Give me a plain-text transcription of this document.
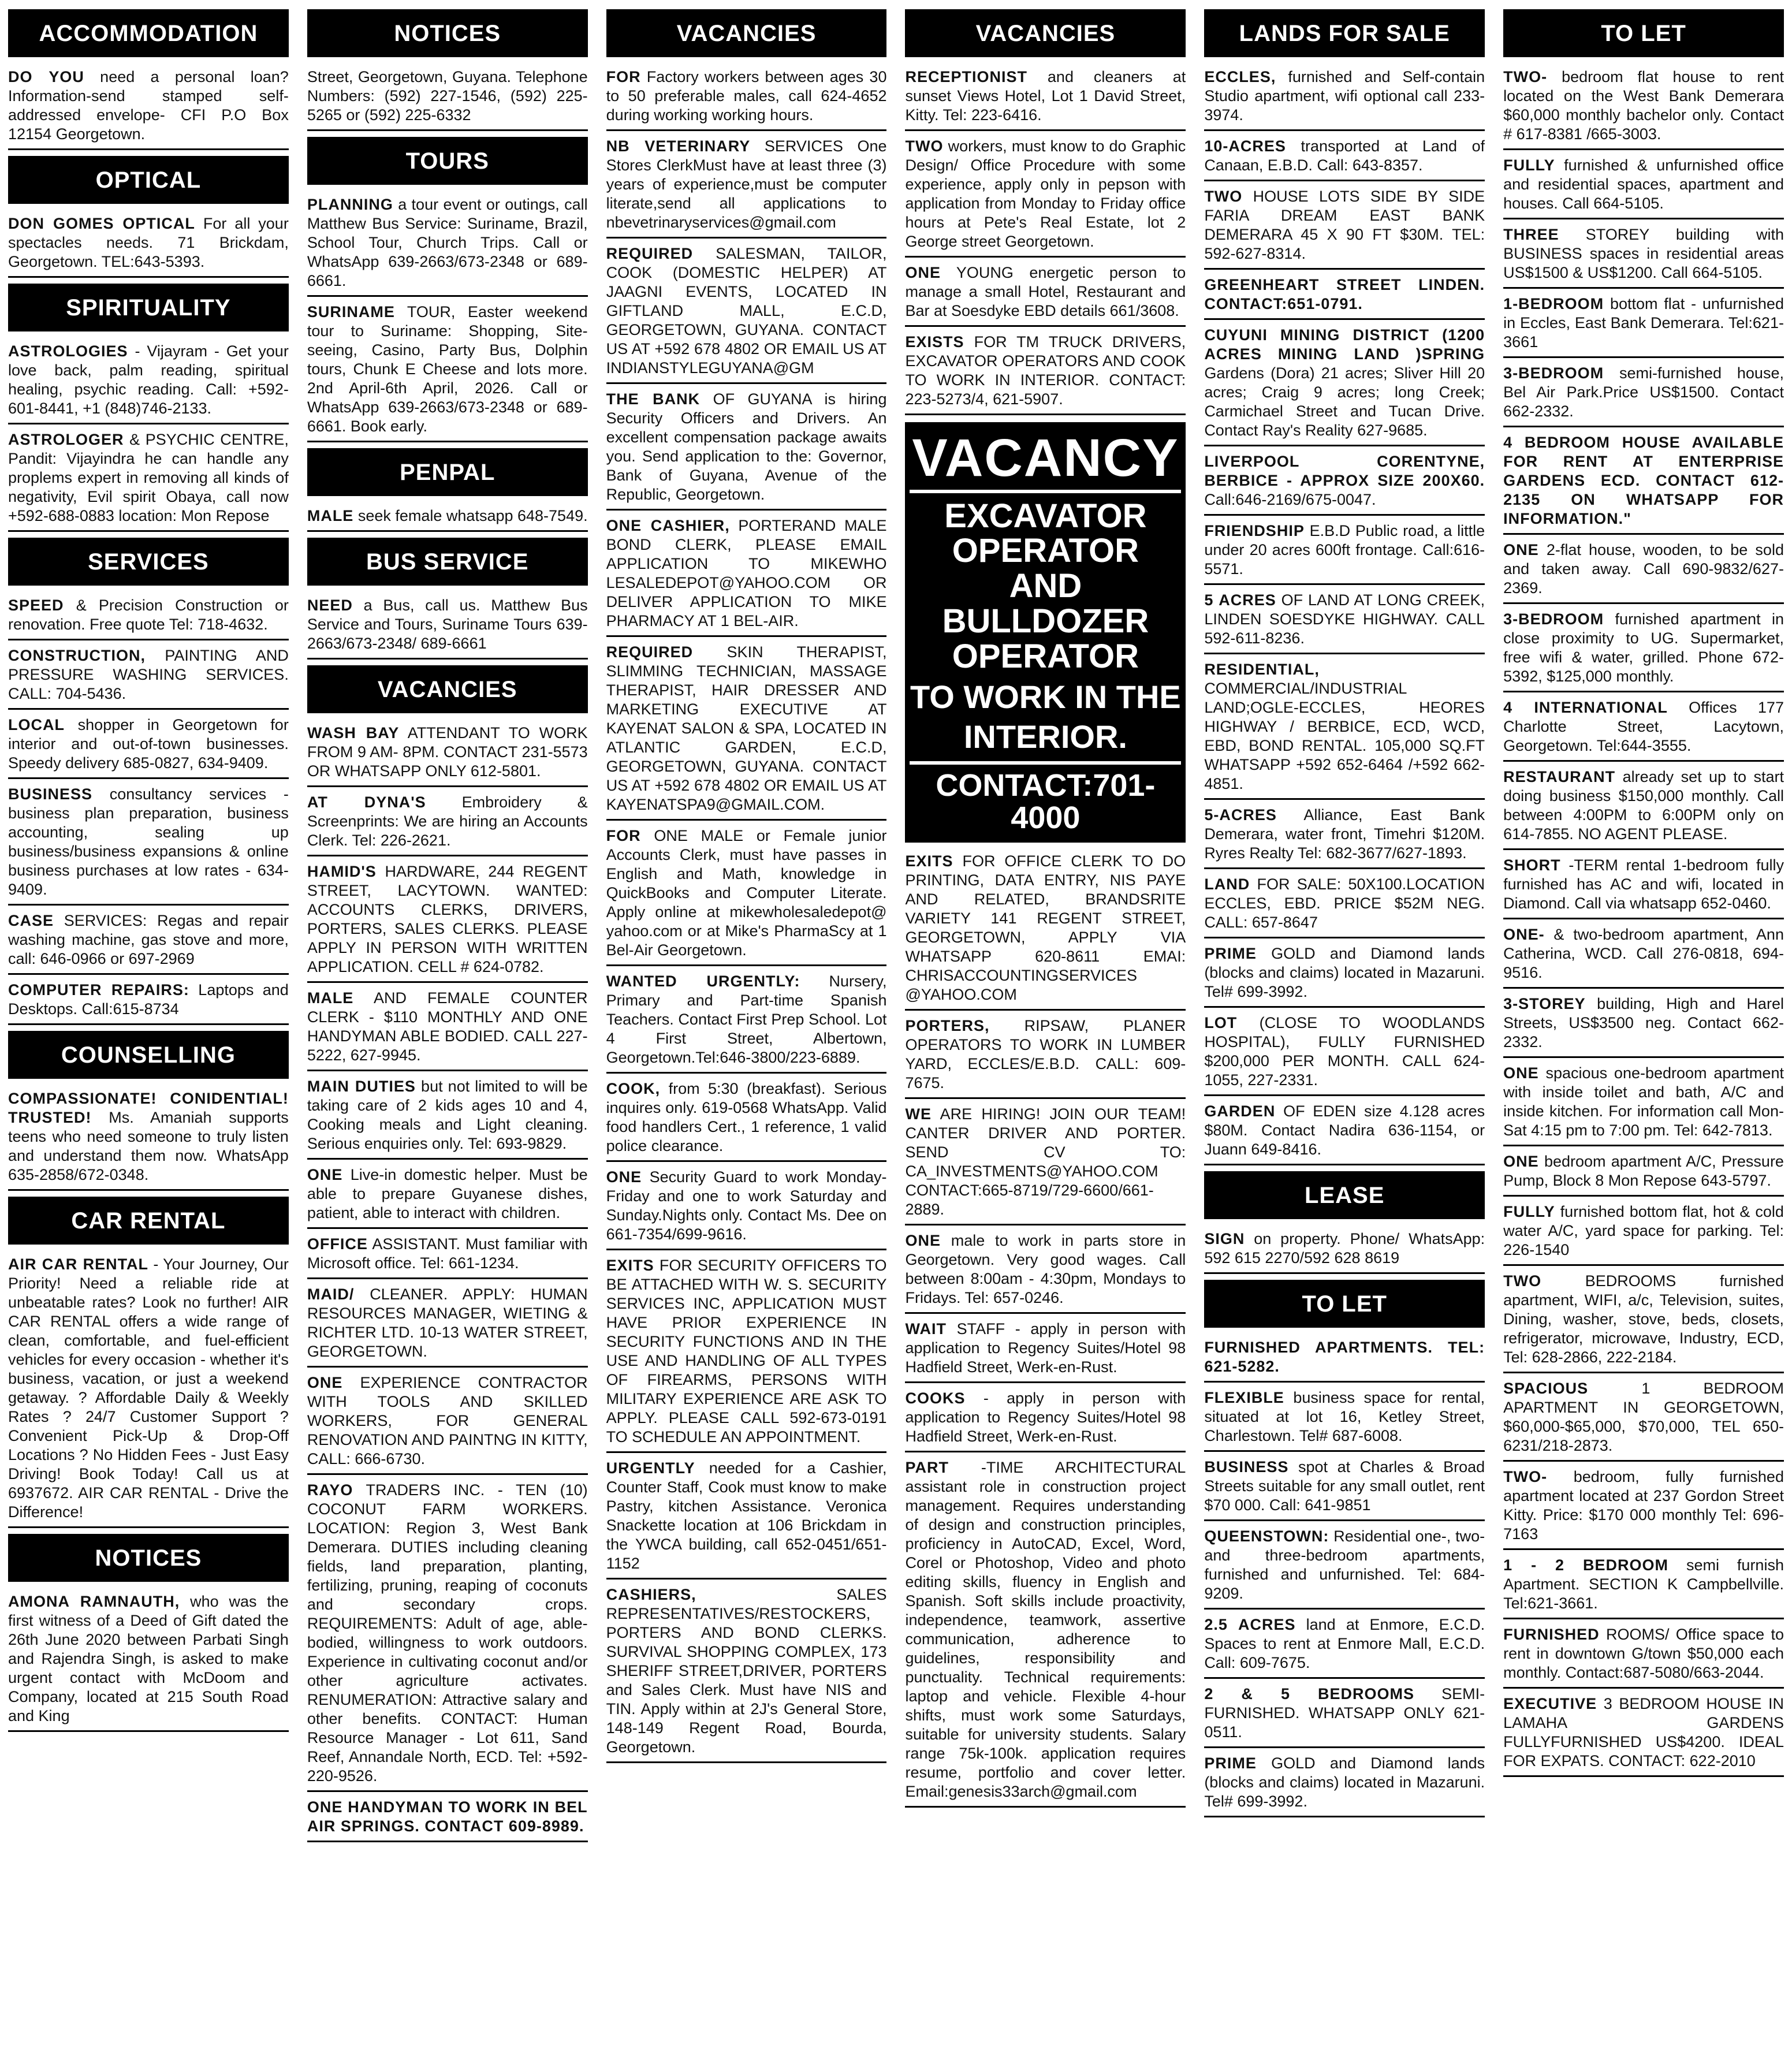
ACCOMMODATION
DO YOU need a personal loan? Information-send stamped self-addressed envelope- CFI P.O Box 12154 Georgetown.
OPTICAL
DON GOMES OPTICAL For all your spectacles needs. 71 Brickdam, Georgetown. TEL:643-5393.
SPIRITUALITY
ASTROLOGIES - Vijayram - Get your love back, palm reading, spiritual healing, psychic reading. Call: +592-601-8441, +1 (848)746-2133.
ASTROLOGER & PSYCHIC CENTRE, Pandit: Vijayindra he can handle any proplems expert in removing all kinds of negativity, Evil spirit Obaya, call now +592-688-0883 location: Mon Repose
SERVICES
SPEED & Precision Construction or renovation. Free quote Tel: 718-4632.
CONSTRUCTION, PAINTING AND PRESSURE WASHING SERVICES. CALL: 704-5436.
LOCAL shopper in Georgetown for interior and out-of-town businesses. Speedy delivery 685-0827, 634-9409.
BUSINESS consultancy services - business plan preparation, business accounting, sealing up business/business expansions & online business purchases at low rates - 634-9409.
CASE SERVICES: Regas and repair washing machine, gas stove and more, call: 646-0966 or 697-2969
COMPUTER REPAIRS: Laptops and Desktops. Call:615-8734
COUNSELLING
COMPASSIONATE! CONIDENTIAL! TRUSTED! Ms. Amaniah supports teens who need someone to truly listen and understand them now. WhatsApp 635-2858/672-0348.
CAR RENTAL
AIR CAR RENTAL - Your Journey, Our Priority! Need a reliable ride at unbeatable rates? Look no further! AIR CAR RENTAL offers a wide range of clean, comfortable, and fuel-efficient vehicles for every occasion - whether it's business, vacation, or just a weekend getaway. ? Affordable Daily & Weekly Rates ? 24/7 Customer Support ? Convenient Pick-Up & Drop-Off Locations ? No Hidden Fees - Just Easy Driving! Book Today! Call us at 6937672. AIR CAR RENTAL - Drive the Difference!
NOTICES
AMONA RAMNAUTH, who was the first witness of a Deed of Gift dated the 26th June 2020 between Parbati Singh and Rajendra Singh, is asked to make urgent contact with McDoom and Company, located at 215 South Road and King
NOTICES
Street, Georgetown, Guyana. Telephone Numbers: (592) 227-1546, (592) 225-5265 or (592) 225-6332
TOURS
PLANNING a tour event or outings, call Matthew Bus Service: Suriname, Brazil, School Tour, Church Trips. Call or WhatsApp 639-2663/673-2348 or 689-6661.
SURINAME TOUR, Easter weekend tour to Suriname: Shopping, Site-seeing, Casino, Party Bus, Dolphin tours, Chunk E Cheese and lots more. 2nd April-6th April, 2026. Call or WhatsApp 639-2663/673-2348 or 689-6661. Book early.
PENPAL
MALE seek female whatsapp 648-7549.
BUS SERVICE
NEED a Bus, call us. Matthew Bus Service and Tours, Suriname Tours 639-2663/673-2348/ 689-6661
VACANCIES
WASH BAY ATTENDANT TO WORK FROM 9 AM- 8PM. CONTACT 231-5573 OR WHATSAPP ONLY 612-5801.
AT DYNA'S Embroidery & Screenprints: We are hiring an Accounts Clerk. Tel: 226-2621.
HAMID'S HARDWARE, 244 REGENT STREET, LACYTOWN. WANTED: ACCOUNTS CLERKS, DRIVERS, PORTERS, SALES CLERKS. PLEASE APPLY IN PERSON WITH WRITTEN APPLICATION. CELL # 624-0782.
MALE AND FEMALE COUNTER CLERK - $110 MONTHLY AND ONE HANDYMAN ABLE BODIED. CALL 227-5222, 627-9945.
MAIN DUTIES but not limited to will be taking care of 2 kids ages 10 and 4, Cooking meals and Light cleaning. Serious enquiries only. Tel: 693-9829.
ONE Live-in domestic helper. Must be able to prepare Guyanese dishes, patient, able to interact with children.
OFFICE ASSISTANT. Must familiar with Microsoft office. Tel: 661-1234.
MAID/ CLEANER. APPLY: HUMAN RESOURCES MANAGER, WIETING & RICHTER LTD. 10-13 WATER STREET, GEORGETOWN.
ONE EXPERIENCE CONTRACTOR WITH TOOLS AND SKILLED WORKERS, FOR GENERAL RENOVATION AND PAINTNG IN KITTY, CALL: 666-6730.
RAYO TRADERS INC. - TEN (10) COCONUT FARM WORKERS. LOCATION: Region 3, West Bank Demerara. DUTIES including cleaning fields, land preparation, planting, fertilizing, pruning, reaping of coconuts and secondary crops. REQUIREMENTS: Adult of age, able-bodied, willingness to work outdoors. Experience in cultivating coconut and/or other agriculture activates. RENUMERATION: Attractive salary and other benefits. CONTACT: Human Resource Manager - Lot 611, Sand Reef, Annandale North, ECD. Tel: +592-220-9526.
ONE HANDYMAN TO WORK IN BEL AIR SPRINGS. CONTACT 609-8989.
VACANCIES
FOR Factory workers between ages 30 to 50 preferable males, call 624-4652 during working working hours.
NB VETERINARY SERVICES One Stores ClerkMust have at least three (3) years of experience,must be computer literate,send all applications to nbevetrinaryservices@gmail.com
REQUIRED SALESMAN, TAILOR, COOK (DOMESTIC HELPER) AT JAAGNI EVENTS, LOCATED IN GIFTLAND MALL, E.C.D, GEORGETOWN, GUYANA. CONTACT US AT +592 678 4802 OR EMAIL US AT INDIANSTYLEGUYANA@GM
THE BANK OF GUYANA is hiring Security Officers and Drivers. An excellent compensation package awaits you. Send application to the: Governor, Bank of Guyana, Avenue of the Republic, Georgetown.
ONE CASHIER, PORTERAND MALE BOND CLERK, PLEASE EMAIL APPLICATION TO MIKEWHO LESALEDEPOT@YAHOO.COM OR DELIVER APPLICATION TO MIKE PHARMACY AT 1 BEL-AIR.
REQUIRED SKIN THERAPIST, SLIMMING TECHNICIAN, MASSAGE THERAPIST, HAIR DRESSER AND MARKETING EXECUTIVE AT KAYENAT SALON & SPA, LOCATED IN ATLANTIC GARDEN, E.C.D, GEORGETOWN, GUYANA. CONTACT US AT +592 678 4802 OR EMAIL US AT KAYENATSPA9@GMAIL.COM.
FOR ONE MALE or Female junior Accounts Clerk, must have passes in English and Math, knowledge in QuickBooks and Computer Literate. Apply online at mikewholesaledepot@ yahoo.com or at Mike's PharmaScy at 1 Bel-Air Georgetown.
WANTED URGENTLY: Nursery, Primary and Part-time Spanish Teachers. Contact First Prep School. Lot 4 First Street, Albertown, Georgetown.Tel:646-3800/223-6889.
COOK, from 5:30 (breakfast). Serious inquires only. 619-0568 WhatsApp. Valid food handlers Cert., 1 reference, 1 valid police clearance.
ONE Security Guard to work Monday-Friday and one to work Saturday and Sunday.Nights only. Contact Ms. Dee on 661-7354/699-9616.
EXITS FOR SECURITY OFFICERS TO BE ATTACHED WITH W. S. SECURITY SERVICES INC, APPLICATION MUST HAVE PRIOR EXPERIENCE IN SECURITY FUNCTIONS AND IN THE USE AND HANDLING OF ALL TYPES OF FIREARMS, PERSONS WITH MILITARY EXPERIENCE ARE ASK TO APPLY. PLEASE CALL 592-673-0191 TO SCHEDULE AN APPOINTMENT.
URGENTLY needed for a Cashier, Counter Staff, Cook must know to make Pastry, kitchen Assistance. Veronica Snackette location at 106 Brickdam in the YWCA building, call 652-0451/651-1152
CASHIERS,	SALES REPRESENTATIVES/RESTOCKERS, PORTERS AND BOND CLERKS. SURVIVAL SHOPPING COMPLEX, 173 SHERIFF STREET,DRIVER, PORTERS and Sales Clerk. Must have NIS and TIN. Apply within at 2J's General Store, 148-149 Regent Road, Bourda, Georgetown.
VACANCIES
RECEPTIONIST and cleaners at sunset Views Hotel, Lot 1 David Street, Kitty. Tel: 223-6416.
TWO workers, must know to do Graphic Design/ Office Procedure with some experience, apply only in pepson with application from Monday to Friday office hours at Pete's Real Estate, lot 2 George street Georgetown.
ONE YOUNG energetic person to manage a small Hotel, Restaurant and Bar at Soesdyke EBD details 661/3608.
EXISTS FOR TM TRUCK DRIVERS, EXCAVATOR OPERATORS AND COOK TO WORK IN INTERIOR. CONTACT: 223-5273/4, 621-5907.
VACANCY
EXCAVATOR
OPERATOR
AND BULLDOZER
OPERATOR
TO WORK IN THE
INTERIOR.
CONTACT:701-4000
EXITS FOR OFFICE CLERK TO DO PRINTING, DATA ENTRY, NIS PAYE AND RELATED, BRANDSRITE VARIETY 141 REGENT STREET, GEORGETOWN, APPLY VIA WHATSAPP 620-8611 EMAI: CHRISACCOUNTINGSERVICES @YAHOO.COM
PORTERS, RIPSAW, PLANER OPERATORS TO WORK IN LUMBER YARD, ECCLES/E.B.D. CALL: 609-7675.
WE ARE HIRING! JOIN OUR TEAM! CANTER DRIVER AND PORTER. SEND CV TO: CA_INVESTMENTS@YAHOO.COM CONTACT:665-8719/729-6600/661-2889.
ONE male to work in parts store in Georgetown. Very good wages. Call between 8:00am - 4:30pm, Mondays to Fridays. Tel: 657-0246.
WAIT STAFF - apply in person with application to Regency Suites/Hotel 98 Hadfield Street, Werk-en-Rust.
COOKS - apply in person with application to Regency Suites/Hotel 98 Hadfield Street, Werk-en-Rust.
PART -TIME ARCHITECTURAL assistant role in construction project management. Requires understanding of design and construction principles, proficiency in AutoCAD, Excel, Word, Corel or Photoshop, Video and photo editing skills, fluency in English and Spanish. Soft skills include proactivity, independence, teamwork, assertive communication, adherence to guidelines, responsibility and punctuality. Technical requirements: laptop and vehicle. Flexible 4-hour shifts, must work some Saturdays, suitable for university students. Salary range 75k-100k. application requires resume, portfolio and cover letter. Email:genesis33arch@gmail.com
LANDS FOR SALE
ECCLES, furnished and Self-contain Studio apartment, wifi optional call 233-3974.
10-ACRES transported at Land of Canaan, E.B.D. Call: 643-8357.
TWO HOUSE LOTS SIDE BY SIDE FARIA DREAM EAST BANK DEMERARA 45 X 90 FT $30M. TEL: 592-627-8314.
GREENHEART STREET LINDEN. CONTACT:651-0791.
CUYUNI MINING DISTRICT (1200 ACRES MINING LAND )SPRING Gardens (Dora) 21 acres; Sliver Hill 20 acres; Craig 9 acres; long Creek; Carmichael Street and Tucan Drive. Contact Ray's Reality 627-9685.
LIVERPOOL CORENTYNE, BERBICE - APPROX SIZE 200X60. Call:646-2169/675-0047.
FRIENDSHIP E.B.D Public road, a little under 20 acres 600ft frontage. Call:616-5571.
5 ACRES OF LAND AT LONG CREEK, LINDEN SOESDYKE HIGHWAY. CALL 592-611-8236.
RESIDENTIAL, COMMERCIAL/INDUSTRIAL LAND;OGLE-ECCLES, HEORES HIGHWAY / BERBICE, ECD, WCD, EBD, BOND RENTAL. 105,000 SQ.FT WHATSAPP +592 652-6464 /+592 662-4851.
5-ACRES Alliance, East Bank Demerara, water front, Timehri $120M. Ryres Realty Tel: 682-3677/627-1893.
LAND FOR SALE: 50X100.LOCATION ECCLES, EBD. PRICE $52M NEG. CALL: 657-8647
PRIME GOLD and Diamond lands (blocks and claims) located in Mazaruni. Tel# 699-3992.
LOT (CLOSE TO WOODLANDS HOSPITAL), FULLY FURNISHED $200,000 PER MONTH. CALL 624-1055, 227-2331.
GARDEN OF EDEN size 4.128 acres $80M. Contact Nadira 636-1154, or Juann 649-8416.
LEASE
SIGN on property. Phone/ WhatsApp: 592 615 2270/592 628 8619
TO LET
FURNISHED APARTMENTS. TEL: 621-5282.
FLEXIBLE business space for rental, situated at lot 16, Ketley Street, Charlestown. Tel# 687-6008.
BUSINESS spot at Charles & Broad Streets suitable for any small outlet, rent $70 000. Call: 641-9851
QUEENSTOWN: Residential one-, two- and three-bedroom apartments, furnished and unfurnished. Tel: 684-9209.
2.5 ACRES land at Enmore, E.C.D. Spaces to rent at Enmore Mall, E.C.D. Call: 609-7675.
2 & 5 BEDROOMS SEMI-FURNISHED. WHATSAPP ONLY 621-0511.
PRIME GOLD and Diamond lands (blocks and claims) located in Mazaruni. Tel# 699-3992.
TO LET
TWO- bedroom flat house to rent located on the West Bank Demerara $60,000 monthly bachelor only. Contact # 617-8381 /665-3003.
FULLY furnished & unfurnished office and residential spaces, apartment and houses. Call 664-5105.
THREE STOREY building with BUSINESS spaces in residential areas US$1500 & US$1200. Call 664-5105.
1-BEDROOM bottom flat - unfurnished in Eccles, East Bank Demerara. Tel:621-3661
3-BEDROOM semi-furnished house, Bel Air Park.Price US$1500. Contact 662-2332.
4 BEDROOM HOUSE AVAILABLE FOR RENT AT ENTERPRISE GARDENS ECD. CONTACT 612-2135 ON WHATSAPP FOR INFORMATION."
ONE 2-flat house, wooden, to be sold and taken away. Call 690-9832/627-2369.
3-BEDROOM furnished apartment in close proximity to UG. Supermarket, free wifi & water, grilled. Phone 672-5392, $125,000 monthly.
4 INTERNATIONAL Offices 177 Charlotte Street, Lacytown, Georgetown. Tel:644-3555.
RESTAURANT already set up to start doing business $150,000 monthly. Call between 4:00PM to 6:00PM only on 614-7855. NO AGENT PLEASE.
SHORT -TERM rental 1-bedroom fully furnished has AC and wifi, located in Diamond. Call via whatsapp 652-0460.
ONE- & two-bedroom apartment, Ann Catherina, WCD. Call 276-0818, 694-9516.
3-STOREY building, High and Harel Streets, US$3500 neg. Contact 662-2332.
ONE spacious one-bedroom apartment with inside toilet and bath, A/C and inside kitchen. For information call Mon-Sat 4:15 pm to 7:00 pm. Tel: 642-7813.
ONE bedroom apartment A/C, Pressure Pump, Block 8 Mon Repose 643-5797.
FULLY furnished bottom flat, hot & cold water A/C, yard space for parking. Tel: 226-1540
TWO	BEDROOMS furnished apartment, WIFI, a/c, Television, suites, Dining, washer, stove, beds, closets, refrigerator, microwave, Industry, ECD, Tel: 628-2866, 222-2184.
SPACIOUS	1 BEDROOM APARTMENT IN GEORGETOWN, $60,000-$65,000, $70,000, TEL 650-6231/218-2873.
TWO- bedroom, fully furnished apartment located at 237 Gordon Street Kitty. Price: $170 000 monthly Tel: 696-7163
1 - 2 BEDROOM semi furnish Apartment. SECTION K Campbellville. Tel:621-3661.
FURNISHED ROOMS/ Office space to rent in downtown G/town $50,000 each monthly. Contact:687-5080/663-2044.
EXECUTIVE 3 BEDROOM HOUSE IN LAMAHA GARDENS FULLYFURNISHED US$4200. IDEAL FOR EXPATS. CONTACT: 622-2010
